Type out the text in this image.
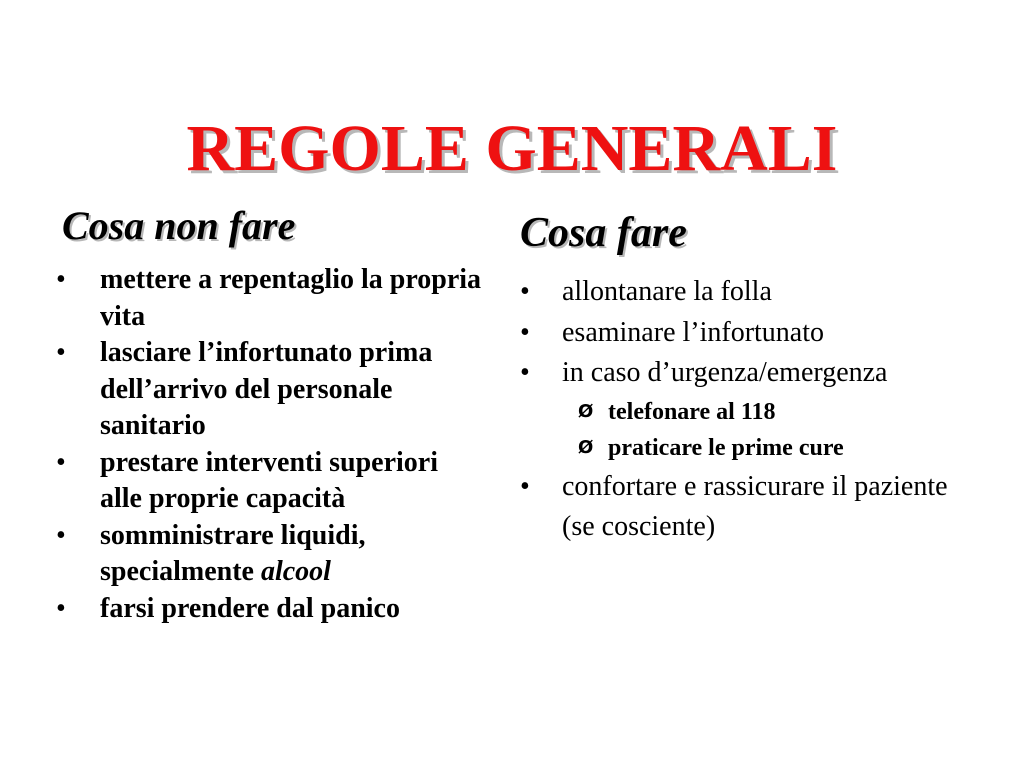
REGOLE GENERALI
Cosa non fare
• mettere a repentaglio la propria vita
• lasciare l’infortunato prima dell’arrivo del personale sanitario
• prestare interventi superiori alle proprie capacità
• somministrare liquidi, specialmente alcool
• farsi prendere dal panico
Cosa fare
• allontanare la folla
• esaminare l’infortunato
• in caso d’urgenza/emergenza
Ø telefonare al 118
Ø praticare le prime cure
• confortare e rassicurare il paziente (se cosciente)
